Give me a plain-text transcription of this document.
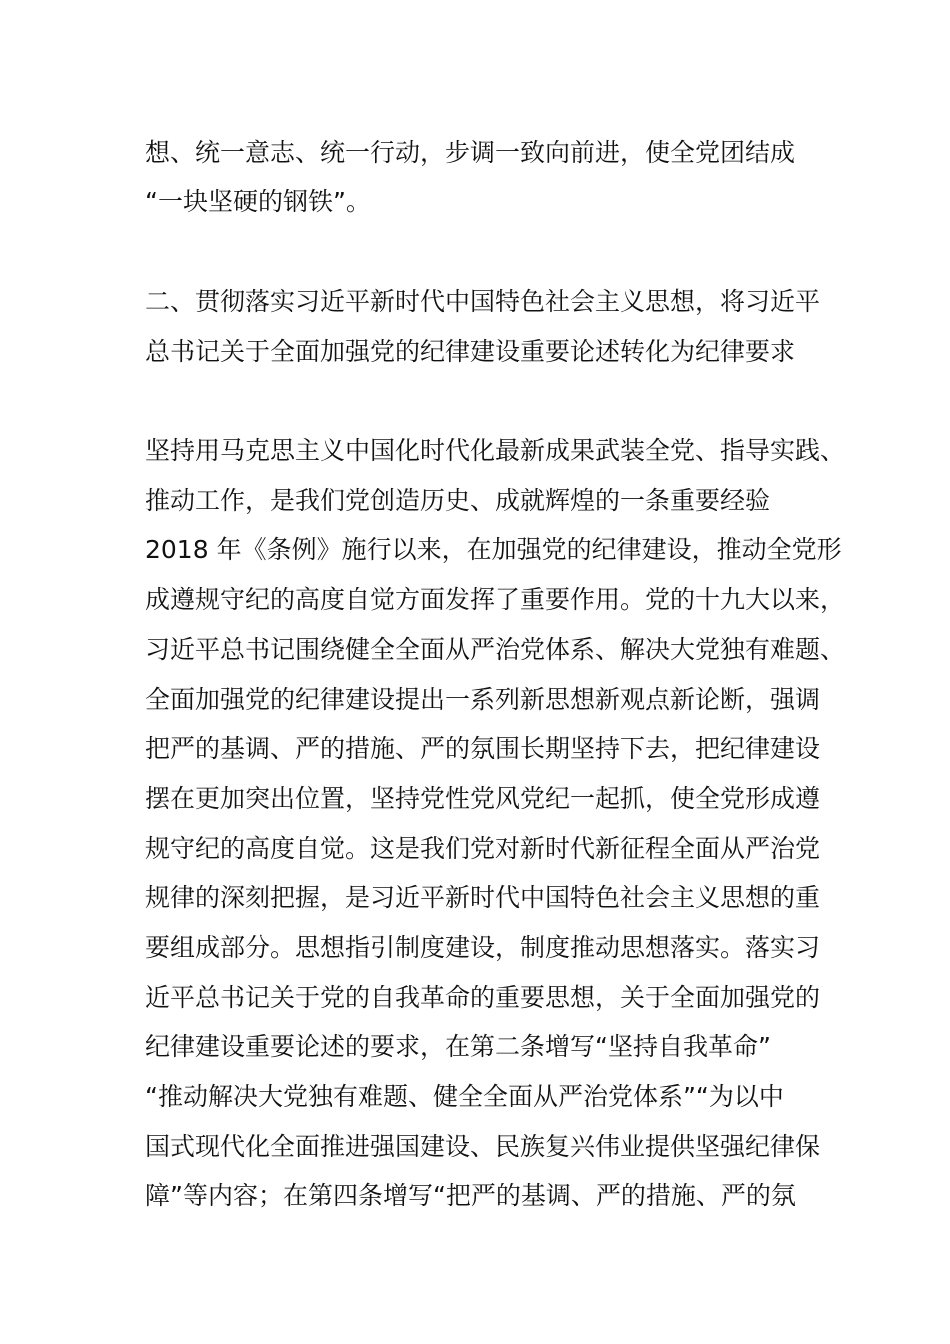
想、统一意志、统一行动，步调一致向前进，使全党团结成
“一块坚硬的钢铁”。
二、贯彻落实习近平新时代中国特色社会主义思想，将习近平
总书记关于全面加强党的纪律建设重要论述转化为纪律要求
坚持用马克思主义中国化时代化最新成果武装全党、指导实践、
推动工作，是我们党创造历史、成就辉煌的一条重要经验
2018 年《条例》施行以来，在加强党的纪律建设，推动全党形
成遵规守纪的高度自觉方面发挥了重要作用。党的十九大以来，
习近平总书记围绕健全全面从严治党体系、解决大党独有难题、
全面加强党的纪律建设提出一系列新思想新观点新论断，强调
把严的基调、严的措施、严的氛围长期坚持下去，把纪律建设
摆在更加突出位置，坚持党性党风党纪一起抓，使全党形成遵
规守纪的高度自觉。这是我们党对新时代新征程全面从严治党
规律的深刻把握，是习近平新时代中国特色社会主义思想的重
要组成部分。思想指引制度建设，制度推动思想落实。落实习
近平总书记关于党的自我革命的重要思想，关于全面加强党的
纪律建设重要论述的要求，在第二条增写“坚持自我革命”
“推动解决大党独有难题、健全全面从严治党体系”“为以中
国式现代化全面推进强国建设、民族复兴伟业提供坚强纪律保
障”等内容；在第四条增写“把严的基调、严的措施、严的氛
